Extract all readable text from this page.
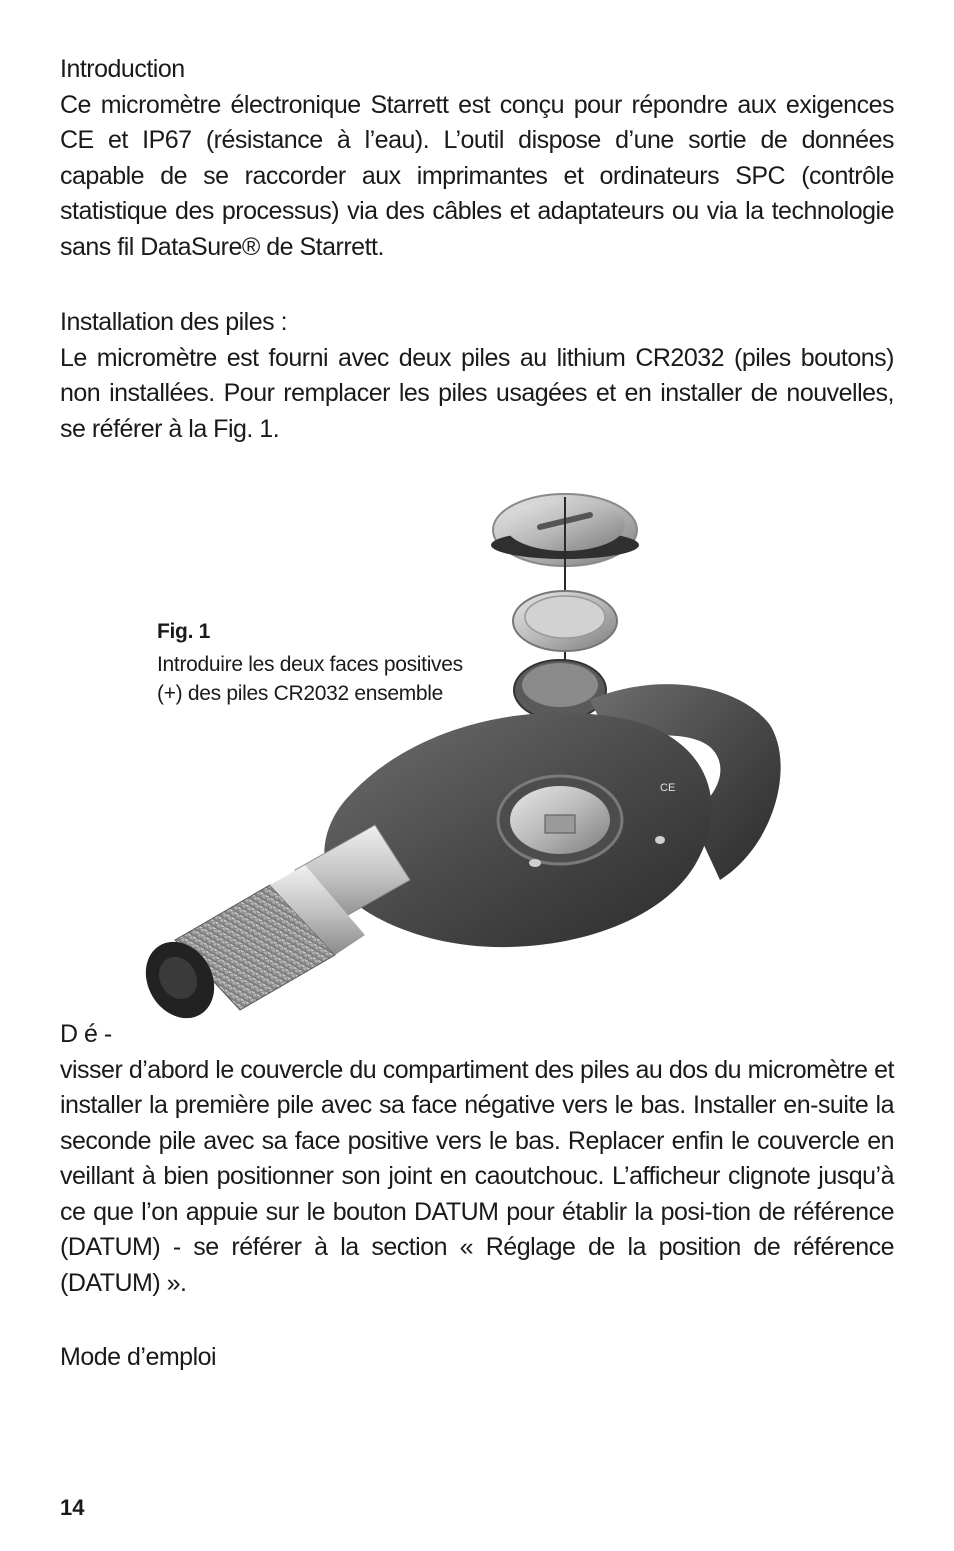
Introduction

Ce micromètre électronique Starrett est conçu pour répondre aux exigences CE et IP67 (résistance à l’eau). L’outil dispose d’une sortie de données capable de se raccorder aux imprimantes et ordinateurs SPC (contrôle statistique des processus) via des câbles et adaptateurs ou via la technologie sans fil DataSure® de Starrett.

Installation des piles :

Le micromètre est fourni avec deux piles au lithium CR2032 (piles boutons) non installées. Pour remplacer les piles usagées et en installer de nouvelles, se référer à la Fig. 1.

CE
Fig. 1
Introduire les deux faces positives
(+) des piles CR2032 ensemble

D é -

visser d’abord le couvercle du compartiment des piles au dos du micromètre et installer la première pile avec sa face négative vers le bas. Installer en-suite la seconde pile avec sa face positive vers le bas. Replacer enfin le couvercle en veillant à bien positionner son joint en caoutchouc. L’afficheur clignote jusqu’à ce que l’on appuie sur le bouton DATUM pour établir la posi-tion de référence (DATUM) - se référer à la section « Réglage de la position de référence (DATUM) ».

Mode d’emploi

14
